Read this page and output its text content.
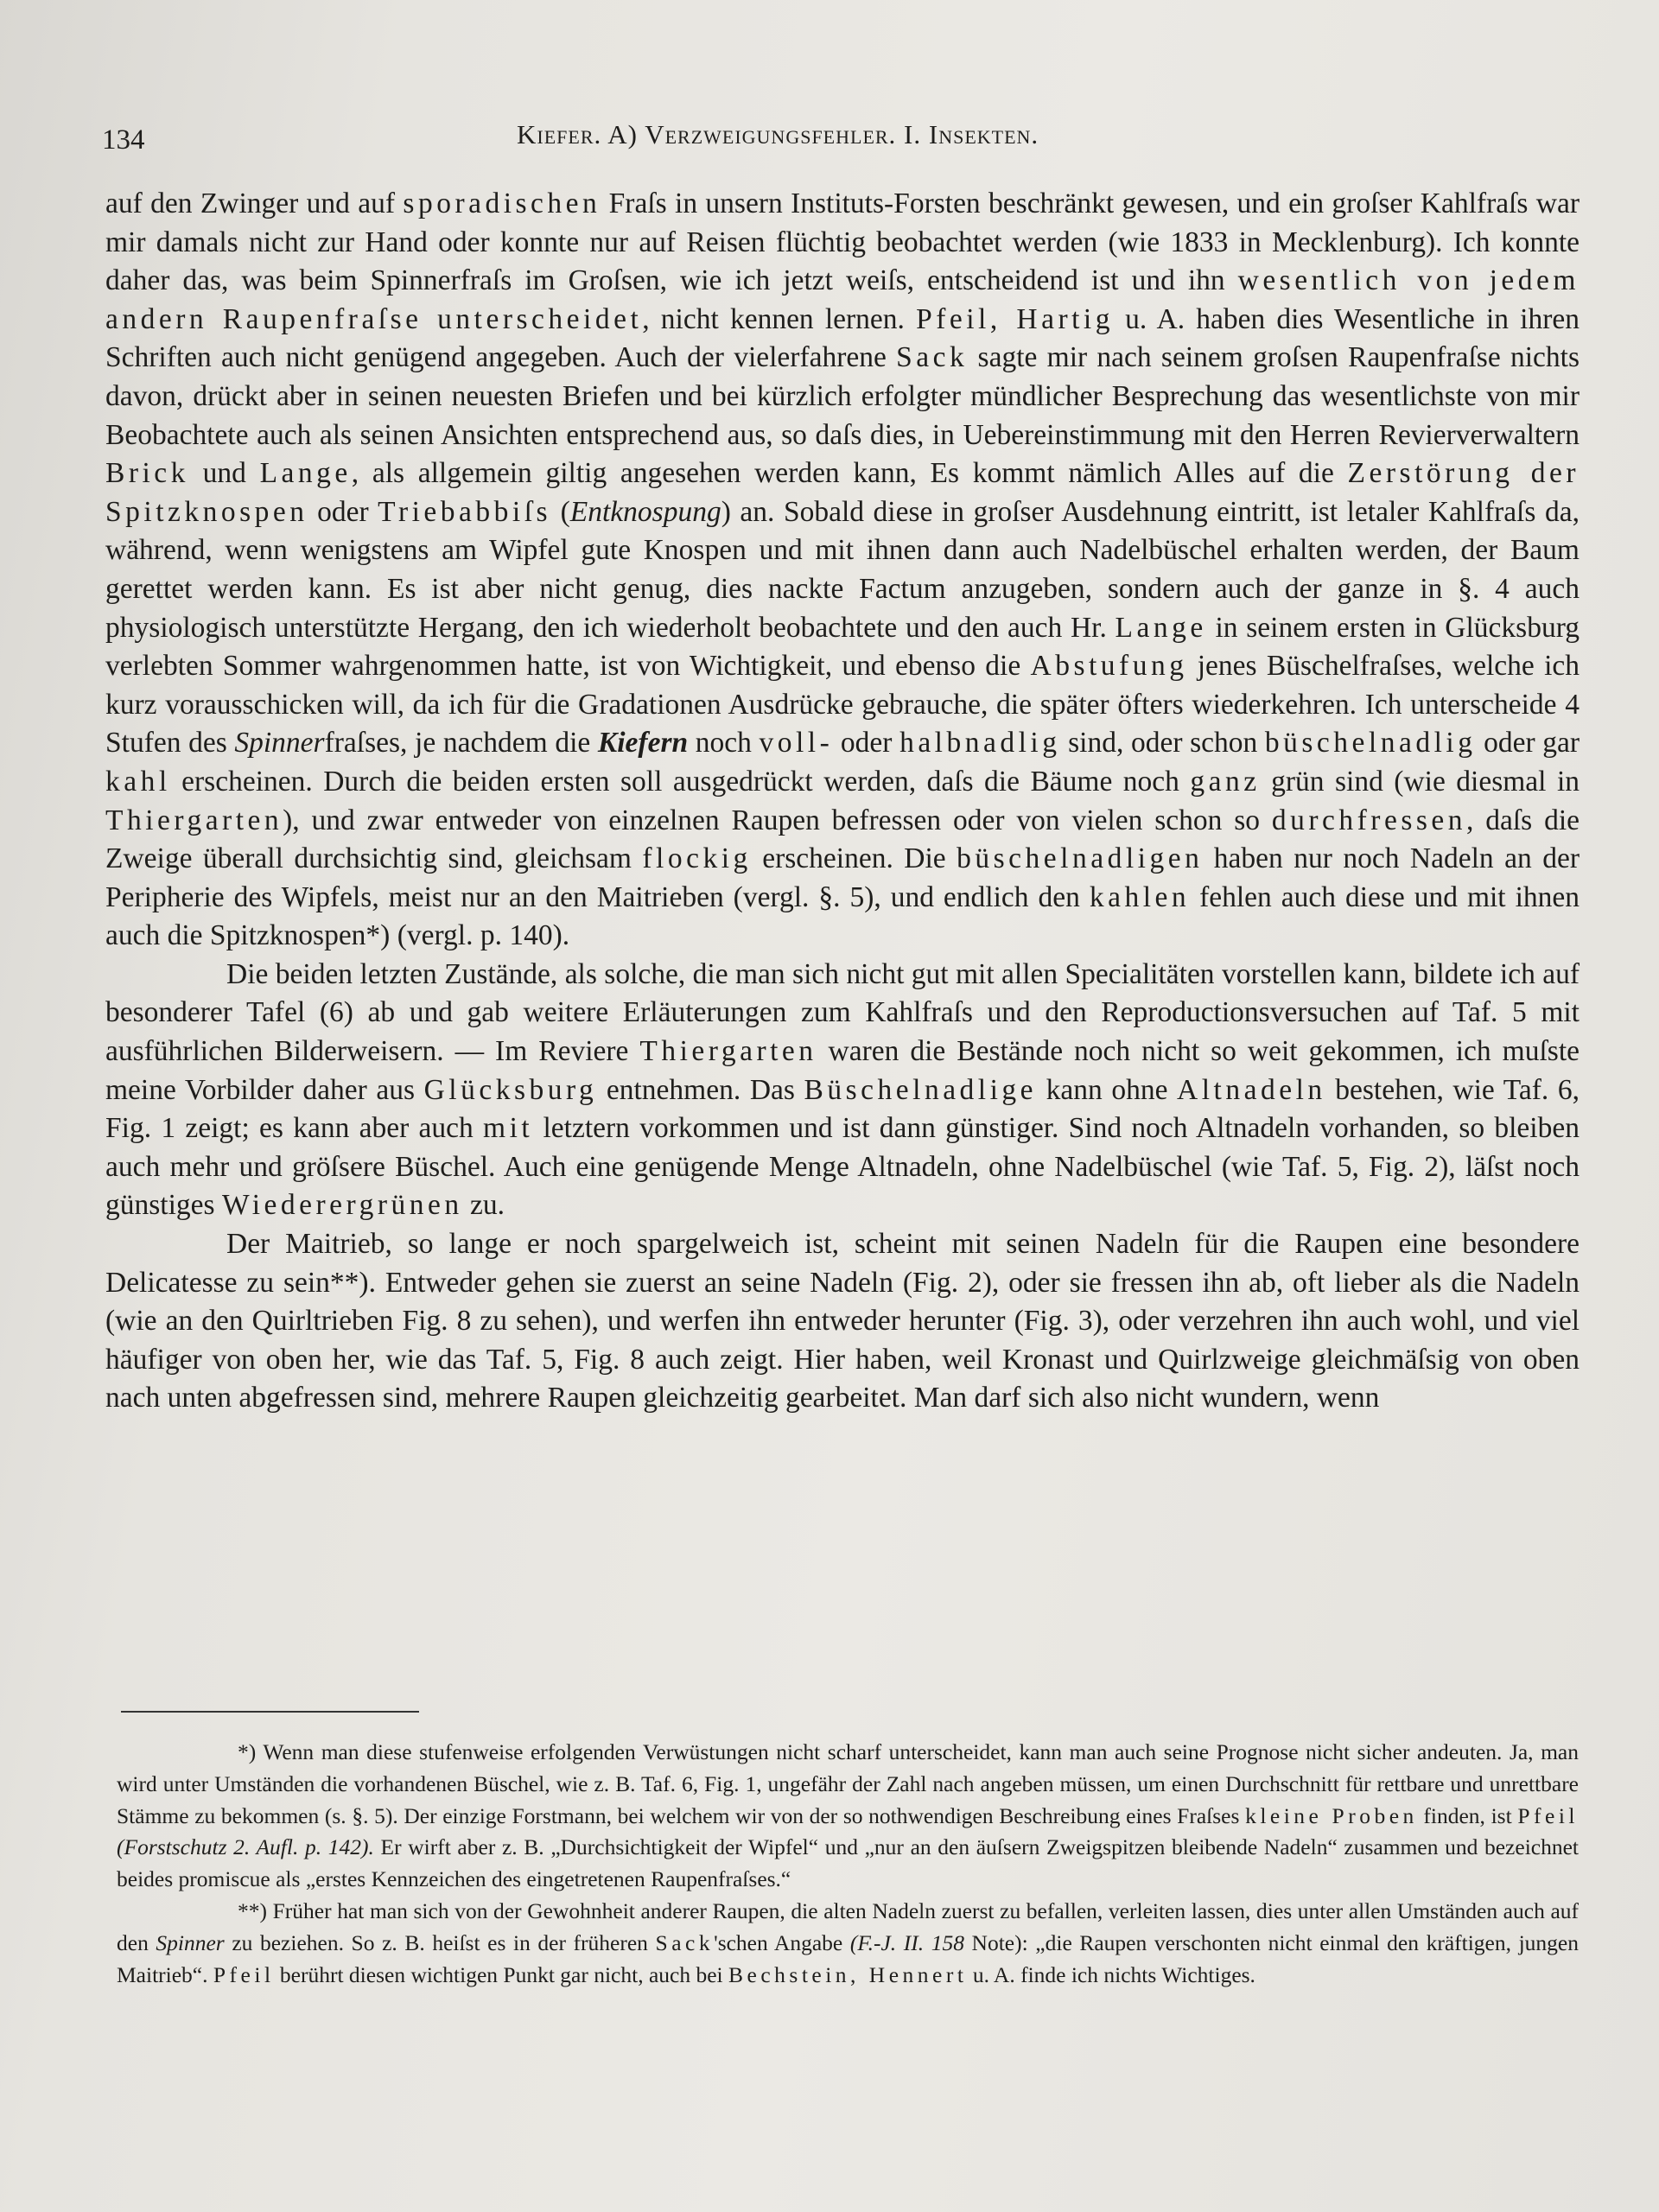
134	Kiefer. A) Verzweigungsfehler. I. Insekten.

auf den Zwinger und auf sporadischen Fraſs in unsern Instituts-Forsten beschränkt gewesen, und ein groſser Kahlfraſs war mir damals nicht zur Hand oder konnte nur auf Reisen flüchtig beobachtet werden (wie 1833 in Mecklenburg). Ich konnte daher das, was beim Spinnerfraſs im Groſsen, wie ich jetzt weiſs, entscheidend ist und ihn wesentlich von jedem andern Raupenfraſse unterscheidet, nicht kennen lernen. Pfeil, Hartig u. A. haben dies Wesentliche in ihren Schriften auch nicht genügend angegeben. Auch der vielerfahrene Sack sagte mir nach seinem groſsen Raupenfraſse nichts davon, drückt aber in seinen neuesten Briefen und bei kürzlich erfolgter mündlicher Besprechung das wesentlichste von mir Beobachtete auch als seinen Ansichten entsprechend aus, so daſs dies, in Uebereinstimmung mit den Herren Revierverwaltern Brick und Lange, als allgemein giltig angesehen werden kann, Es kommt nämlich Alles auf die Zerstörung der Spitzknospen oder Triebabbiſs (Entknospung) an. Sobald diese in groſser Ausdehnung eintritt, ist letaler Kahlfraſs da, während, wenn wenigstens am Wipfel gute Knospen und mit ihnen dann auch Nadelbüschel erhalten werden, der Baum gerettet werden kann. Es ist aber nicht genug, dies nackte Factum anzugeben, sondern auch der ganze in §. 4 auch physiologisch unterstützte Hergang, den ich wiederholt beobachtete und den auch Hr. Lange in seinem ersten in Glücksburg verlebten Sommer wahrgenommen hatte, ist von Wichtigkeit, und ebenso die Abstufung jenes Büschelfraſses, welche ich kurz vorausschicken will, da ich für die Gradationen Ausdrücke gebrauche, die später öfters wiederkehren. Ich unterscheide 4 Stufen des Spinnerfraſses, je nachdem die Kiefern noch voll- oder halbnadlig sind, oder schon büschelnadlig oder gar kahl erscheinen. Durch die beiden ersten soll ausgedrückt werden, daſs die Bäume noch ganz grün sind (wie diesmal in Thiergarten), und zwar entweder von einzelnen Raupen befressen oder von vielen schon so durchfressen, daſs die Zweige überall durchsichtig sind, gleichsam flockig erscheinen. Die büschelnadligen haben nur noch Nadeln an der Peripherie des Wipfels, meist nur an den Maitrieben (vergl. §. 5), und endlich den kahlen fehlen auch diese und mit ihnen auch die Spitzknospen*) (vergl. p. 140).

Die beiden letzten Zustände, als solche, die man sich nicht gut mit allen Specialitäten vorstellen kann, bildete ich auf besonderer Tafel (6) ab und gab weitere Erläuterungen zum Kahlfraſs und den Reproductionsversuchen auf Taf. 5 mit ausführlichen Bilderweisern. — Im Reviere Thiergarten waren die Bestände noch nicht so weit gekommen, ich muſste meine Vorbilder daher aus Glücksburg entnehmen. Das Büschelnadlige kann ohne Altnadeln bestehen, wie Taf. 6, Fig. 1 zeigt; es kann aber auch mit letztern vorkommen und ist dann günstiger. Sind noch Altnadeln vorhanden, so bleiben auch mehr und gröſsere Büschel. Auch eine genügende Menge Altnadeln, ohne Nadelbüschel (wie Taf. 5, Fig. 2), läſst noch günstiges Wiederergrünen zu.

Der Maitrieb, so lange er noch spargelweich ist, scheint mit seinen Nadeln für die Raupen eine besondere Delicatesse zu sein**). Entweder gehen sie zuerst an seine Nadeln (Fig. 2), oder sie fressen ihn ab, oft lieber als die Nadeln (wie an den Quirltrieben Fig. 8 zu sehen), und werfen ihn entweder herunter (Fig. 3), oder verzehren ihn auch wohl, und viel häufiger von oben her, wie das Taf. 5, Fig. 8 auch zeigt. Hier haben, weil Kronast und Quirlzweige gleichmäſsig von oben nach unten abgefressen sind, mehrere Raupen gleichzeitig gearbeitet. Man darf sich also nicht wundern, wenn

*) Wenn man diese stufenweise erfolgenden Verwüstungen nicht scharf unterscheidet, kann man auch seine Prognose nicht sicher andeuten. Ja, man wird unter Umständen die vorhandenen Büschel, wie z. B. Taf. 6, Fig. 1, ungefähr der Zahl nach angeben müssen, um einen Durchschnitt für rettbare und unrettbare Stämme zu bekommen (s. §. 5). Der einzige Forstmann, bei welchem wir von der so nothwendigen Beschreibung eines Fraſses kleine Proben finden, ist Pfeil (Forstschutz 2. Aufl. p. 142). Er wirft aber z. B. „Durchsichtigkeit der Wipfel“ und „nur an den äuſsern Zweigspitzen bleibende Nadeln“ zusammen und bezeichnet beides promiscue als „erstes Kennzeichen des eingetretenen Raupenfraſses.“

**) Früher hat man sich von der Gewohnheit anderer Raupen, die alten Nadeln zuerst zu befallen, verleiten lassen, dies unter allen Umständen auch auf den Spinner zu beziehen. So z. B. heiſst es in der früheren Sack'schen Angabe (F.-J. II. 158 Note): „die Raupen verschonten nicht einmal den kräftigen, jungen Maitrieb“. Pfeil berührt diesen wichtigen Punkt gar nicht, auch bei Bechstein, Hennert u. A. finde ich nichts Wichtiges.
